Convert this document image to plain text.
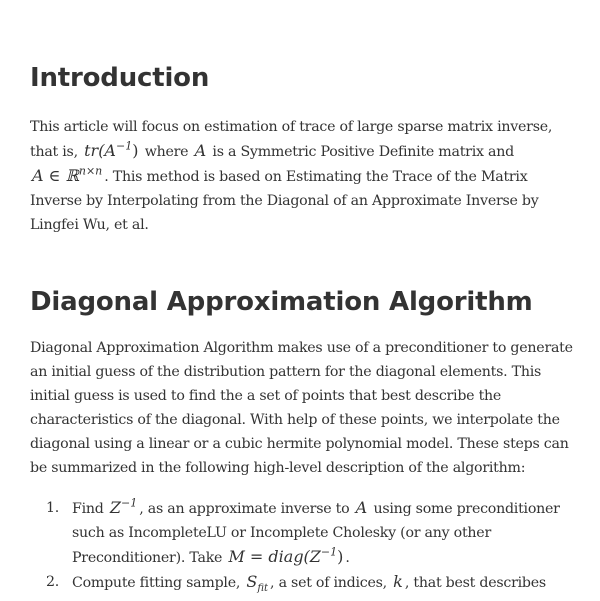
Introduction

This article will focus on estimation of trace of large sparse matrix inverse, that is, $tr(A^{-1})$ where A is a Symmetric Positive Definite matrix and A ∈ ℝ$^{n\times n}$ . This method is based on Estimating the Trace of the Matrix Inverse by Interpolating from the Diagonal of an Approximate Inverse by Lingfei Wu, et al.

Diagonal Approximation Algorithm

Diagonal Approximation Algorithm makes use of a preconditioner to generate an initial guess of the distribution pattern for the diagonal elements. This initial guess is used to find the a set of points that best describe the characteristics of the diagonal. With help of these points, we interpolate the diagonal using a linear or a cubic hermite polynomial model. These steps can be summarized in the following high-level description of the algorithm:

1. Find $Z^{-1}$ , as an approximate inverse to A using some preconditioner such as IncompleteLU or Incomplete Cholesky (or any other Preconditioner). Take $M = diag(Z^{-1})$ .
2. Compute fitting sample, $S_{fit}$ , a set of indices, k , that best describes
